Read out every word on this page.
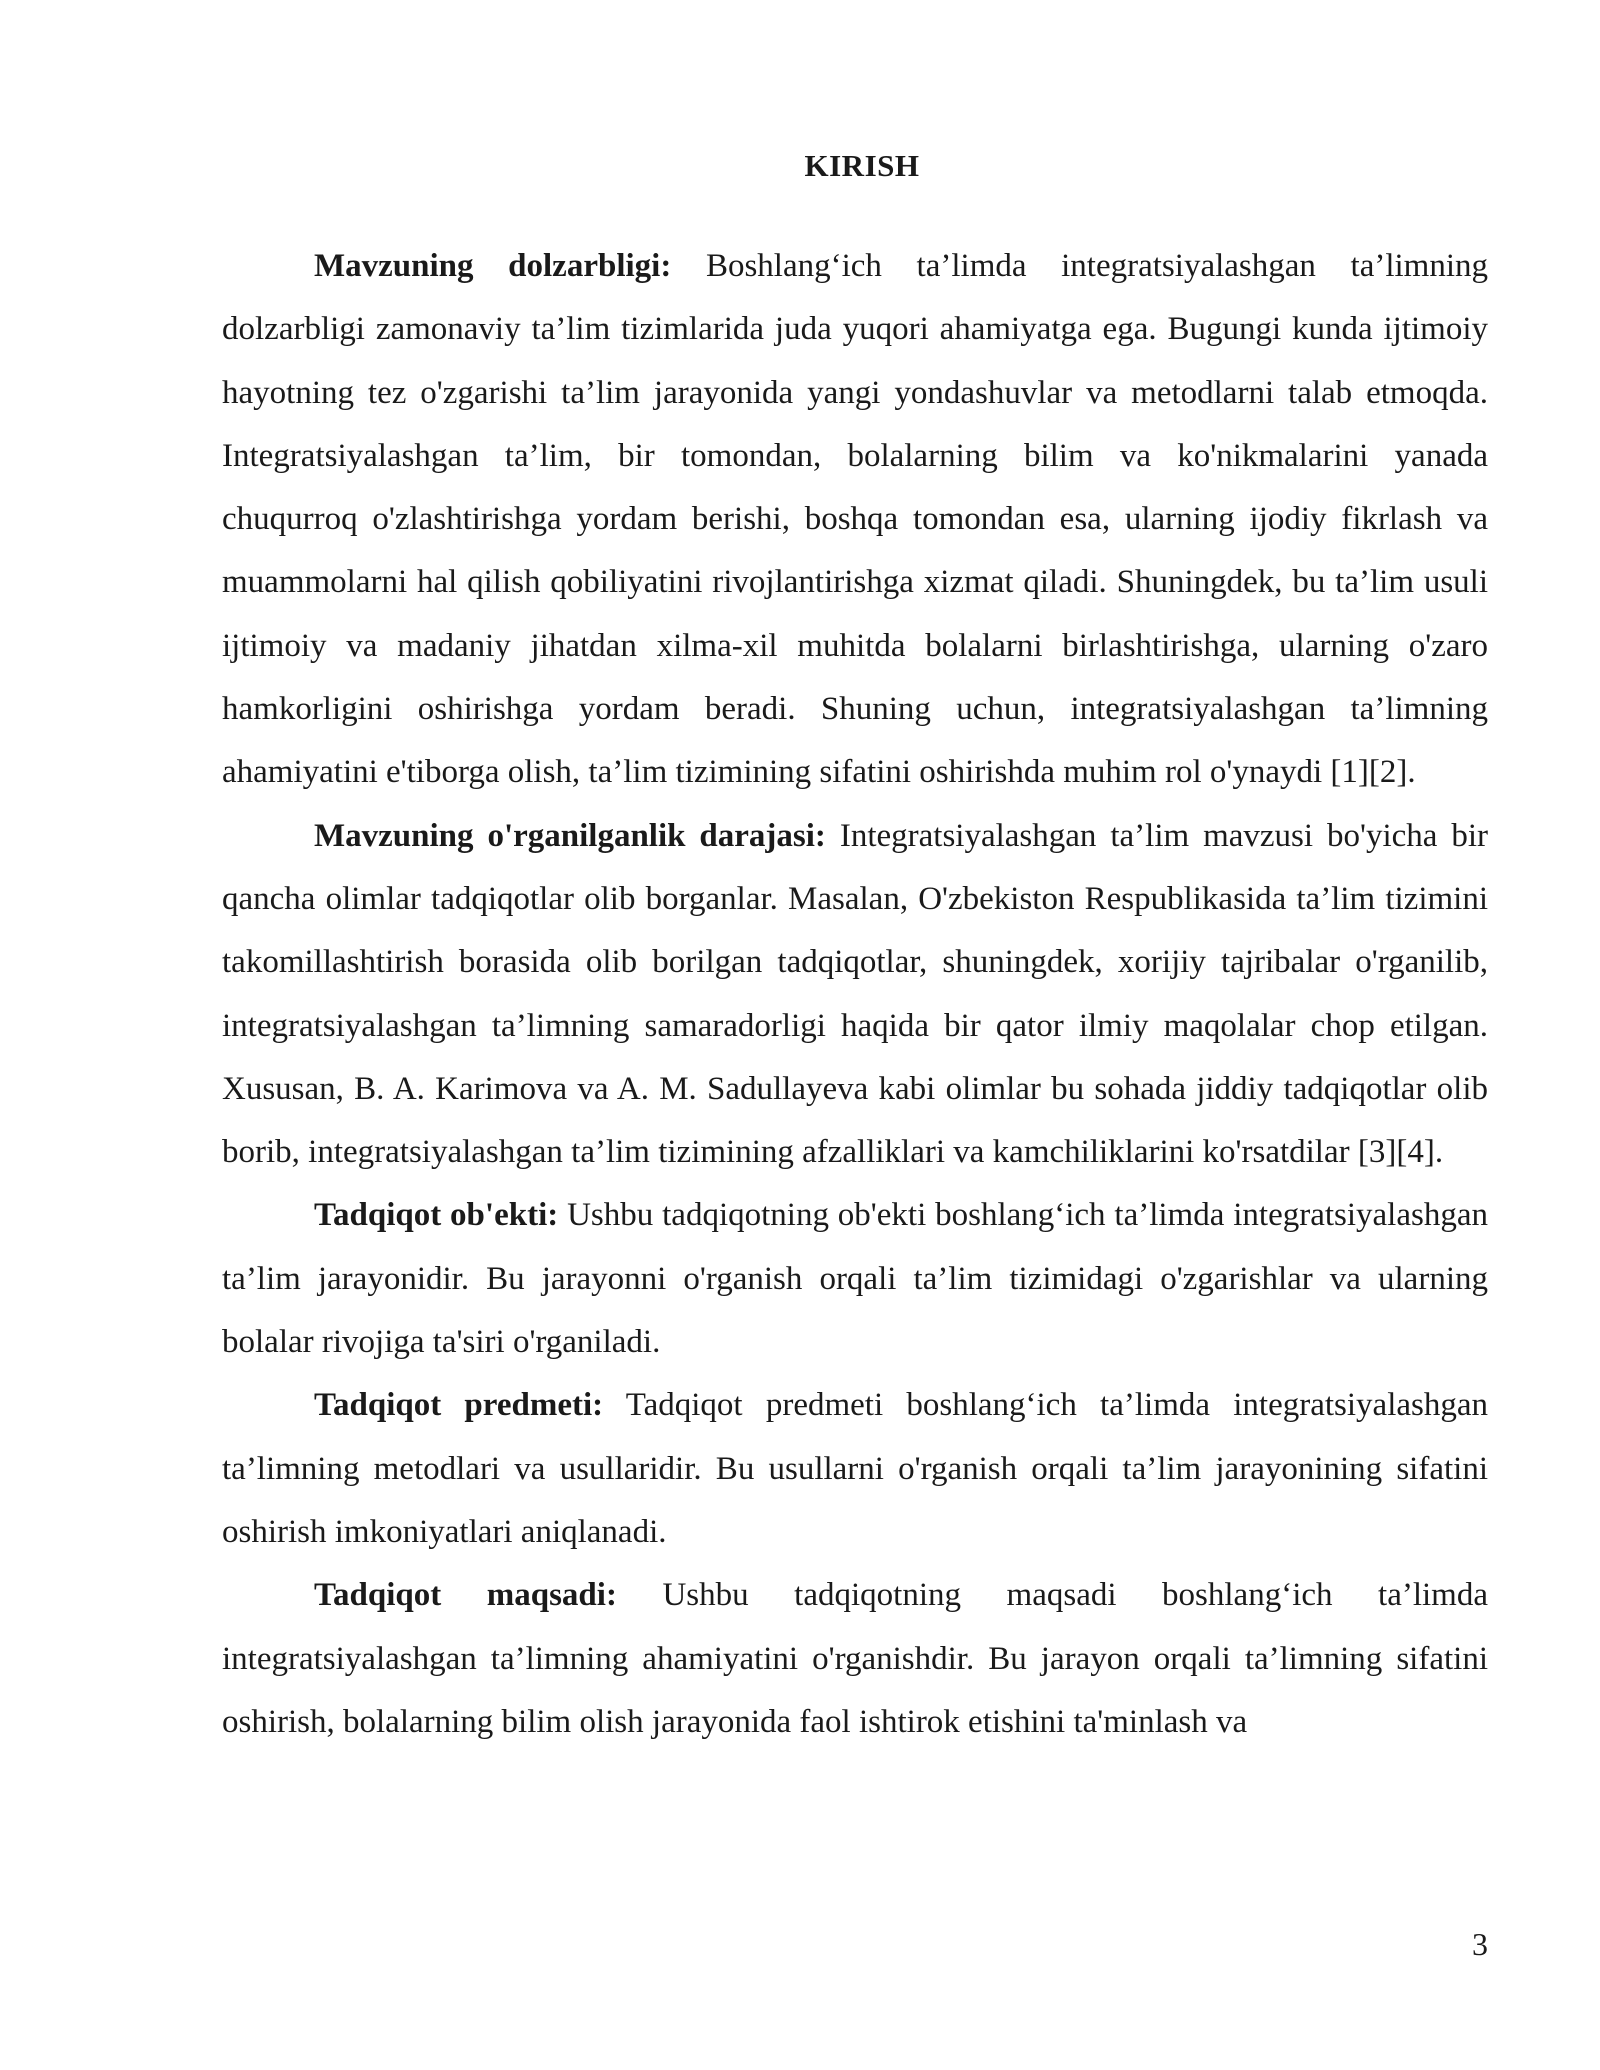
KIRISH

Mavzuning dolzarbligi: Boshlang‘ich ta’limda integratsiyalashgan ta’limning dolzarbligi zamonaviy ta’lim tizimlarida juda yuqori ahamiyatga ega. Bugungi kunda ijtimoiy hayotning tez o'zgarishi ta’lim jarayonida yangi yondashuvlar va metodlarni talab etmoqda. Integratsiyalashgan ta’lim, bir tomondan, bolalarning bilim va ko'nikmalarini yanada chuqurroq o'zlashtirishga yordam berishi, boshqa tomondan esa, ularning ijodiy fikrlash va muammolarni hal qilish qobiliyatini rivojlantirishga xizmat qiladi. Shuningdek, bu ta’lim usuli ijtimoiy va madaniy jihatdan xilma-xil muhitda bolalarni birlashtirishga, ularning o'zaro hamkorligini oshirishga yordam beradi. Shuning uchun, integratsiyalashgan ta’limning ahamiyatini e'tiborga olish, ta’lim tizimining sifatini oshirishda muhim rol o'ynaydi [1][2].

Mavzuning o'rganilganlik darajasi: Integratsiyalashgan ta’lim mavzusi bo'yicha bir qancha olimlar tadqiqotlar olib borganlar. Masalan, O'zbekiston Respublikasida ta’lim tizimini takomillashtirish borasida olib borilgan tadqiqotlar, shuningdek, xorijiy tajribalar o'rganilib, integratsiyalashgan ta’limning samaradorligi haqida bir qator ilmiy maqolalar chop etilgan. Xususan, B. A. Karimova va A. M. Sadullayeva kabi olimlar bu sohada jiddiy tadqiqotlar olib borib, integratsiyalashgan ta’lim tizimining afzalliklari va kamchiliklarini ko'rsatdilar [3][4].

Tadqiqot ob'ekti: Ushbu tadqiqotning ob'ekti boshlang‘ich ta’limda integratsiyalashgan ta’lim jarayonidir. Bu jarayonni o'rganish orqali ta’lim tizimidagi o'zgarishlar va ularning bolalar rivojiga ta'siri o'rganiladi.

Tadqiqot predmeti: Tadqiqot predmeti boshlang‘ich ta’limda integratsiyalashgan ta’limning metodlari va usullaridir. Bu usullarni o'rganish orqali ta’lim jarayonining sifatini oshirish imkoniyatlari aniqlanadi.

Tadqiqot maqsadi: Ushbu tadqiqotning maqsadi boshlang‘ich ta’limda integratsiyalashgan ta’limning ahamiyatini o'rganishdir. Bu jarayon orqali ta’limning sifatini oshirish, bolalarning bilim olish jarayonida faol ishtirok etishini ta'minlash va

3
